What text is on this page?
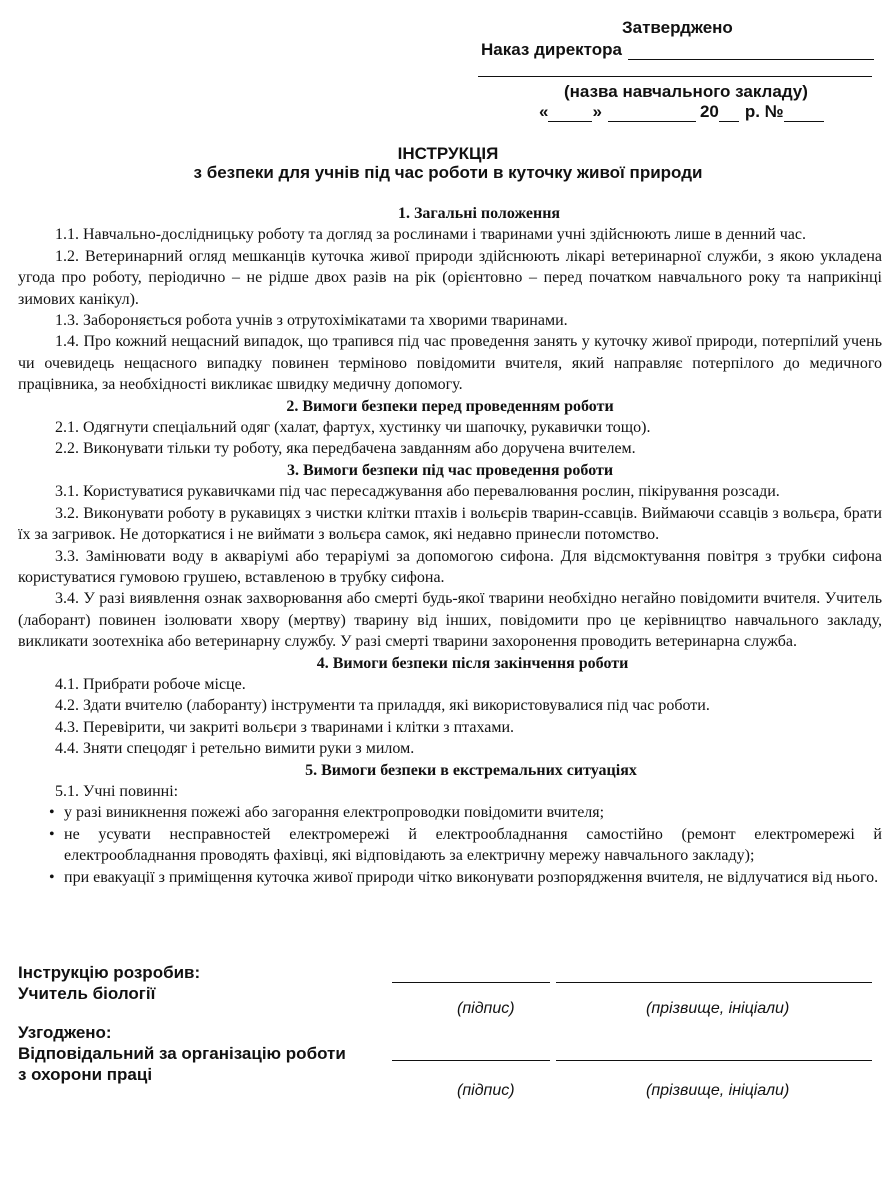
Затверджено
Наказ директора
(назва навчального закладу)
«	»	20 р. №
ІНСТРУКЦІЯ
з безпеки для учнів під час роботи в куточку живої природи
1. Загальні положення

1.1. Навчально-дослідницьку роботу та догляд за рослинами і тваринами учні здійснюють лише в денний час.

1.2. Ветеринарний огляд мешканців куточка живої природи здійснюють лікарі ветеринарної служби, з якою укладена угода про роботу, періодично – не рідше двох разів на рік (орієнтовно – перед початком навчального року та наприкінці зимових канікул).

1.3. Забороняється робота учнів з отрутохімікатами та хворими тваринами.

1.4. Про кожний нещасний випадок, що трапився під час проведення занять у куточку живої природи, потерпілий учень чи очевидець нещасного випадку повинен терміново повідомити вчителя, який направляє потерпілого до медичного працівника, за необхідності викликає швидку медичну допомогу.

2. Вимоги безпеки перед проведенням роботи

2.1. Одягнути спеціальний одяг (халат, фартух, хустинку чи шапочку, рукавички тощо).

2.2. Виконувати тільки ту роботу, яка передбачена завданням або доручена вчителем.

3. Вимоги безпеки під час проведення роботи

3.1. Користуватися рукавичками під час пересаджування або перевалювання рослин, пікірування розсади.

3.2. Виконувати роботу в рукавицях з чистки клітки птахів і вольєрів тварин-ссавців. Виймаючи ссавців з вольєра, брати їх за загривок. Не доторкатися і не виймати з вольєра самок, які недавно принесли потомство.

3.3. Замінювати воду в акваріумі або тераріумі за допомогою сифона. Для відсмоктування повітря з трубки сифона користуватися гумовою грушею, вставленою в трубку сифона.

3.4. У разі виявлення ознак захворювання або смерті будь-якої тварини необхідно негайно повідомити вчителя. Учитель (лаборант) повинен ізолювати хвору (мертву) тварину від інших, повідомити про це керівництво навчального закладу, викликати зоотехніка або ветеринарну службу. У разі смерті тварини захоронення проводить ветеринарна служба.

4. Вимоги безпеки після закінчення роботи

4.1. Прибрати робоче місце.

4.2. Здати вчителю (лаборанту) інструменти та приладдя, які використовувалися під час роботи.

4.3. Перевірити, чи закриті вольєри з тваринами і клітки з птахами.

4.4. Зняти спецодяг і ретельно вимити руки з милом.

5. Вимоги безпеки в екстремальних ситуаціях

5.1. Учні повинні:

• у разі виникнення пожежі або загорання електропроводки повідомити вчителя;
• не усувати несправностей електромережі й електрообладнання самостійно (ремонт електромережі й електрообладнання проводять фахівці, які відповідають за електричну мережу навчального закладу);
• при евакуації з приміщення куточка живої природи чітко виконувати розпорядження вчителя, не відлучатися від нього.
Інструкцію розробив:
Учитель біології
(підпис)	(прізвище, ініціали)
Узгоджено:
Відповідальний за організацію роботи
з охорони праці
(підпис)	(прізвище, ініціали)
